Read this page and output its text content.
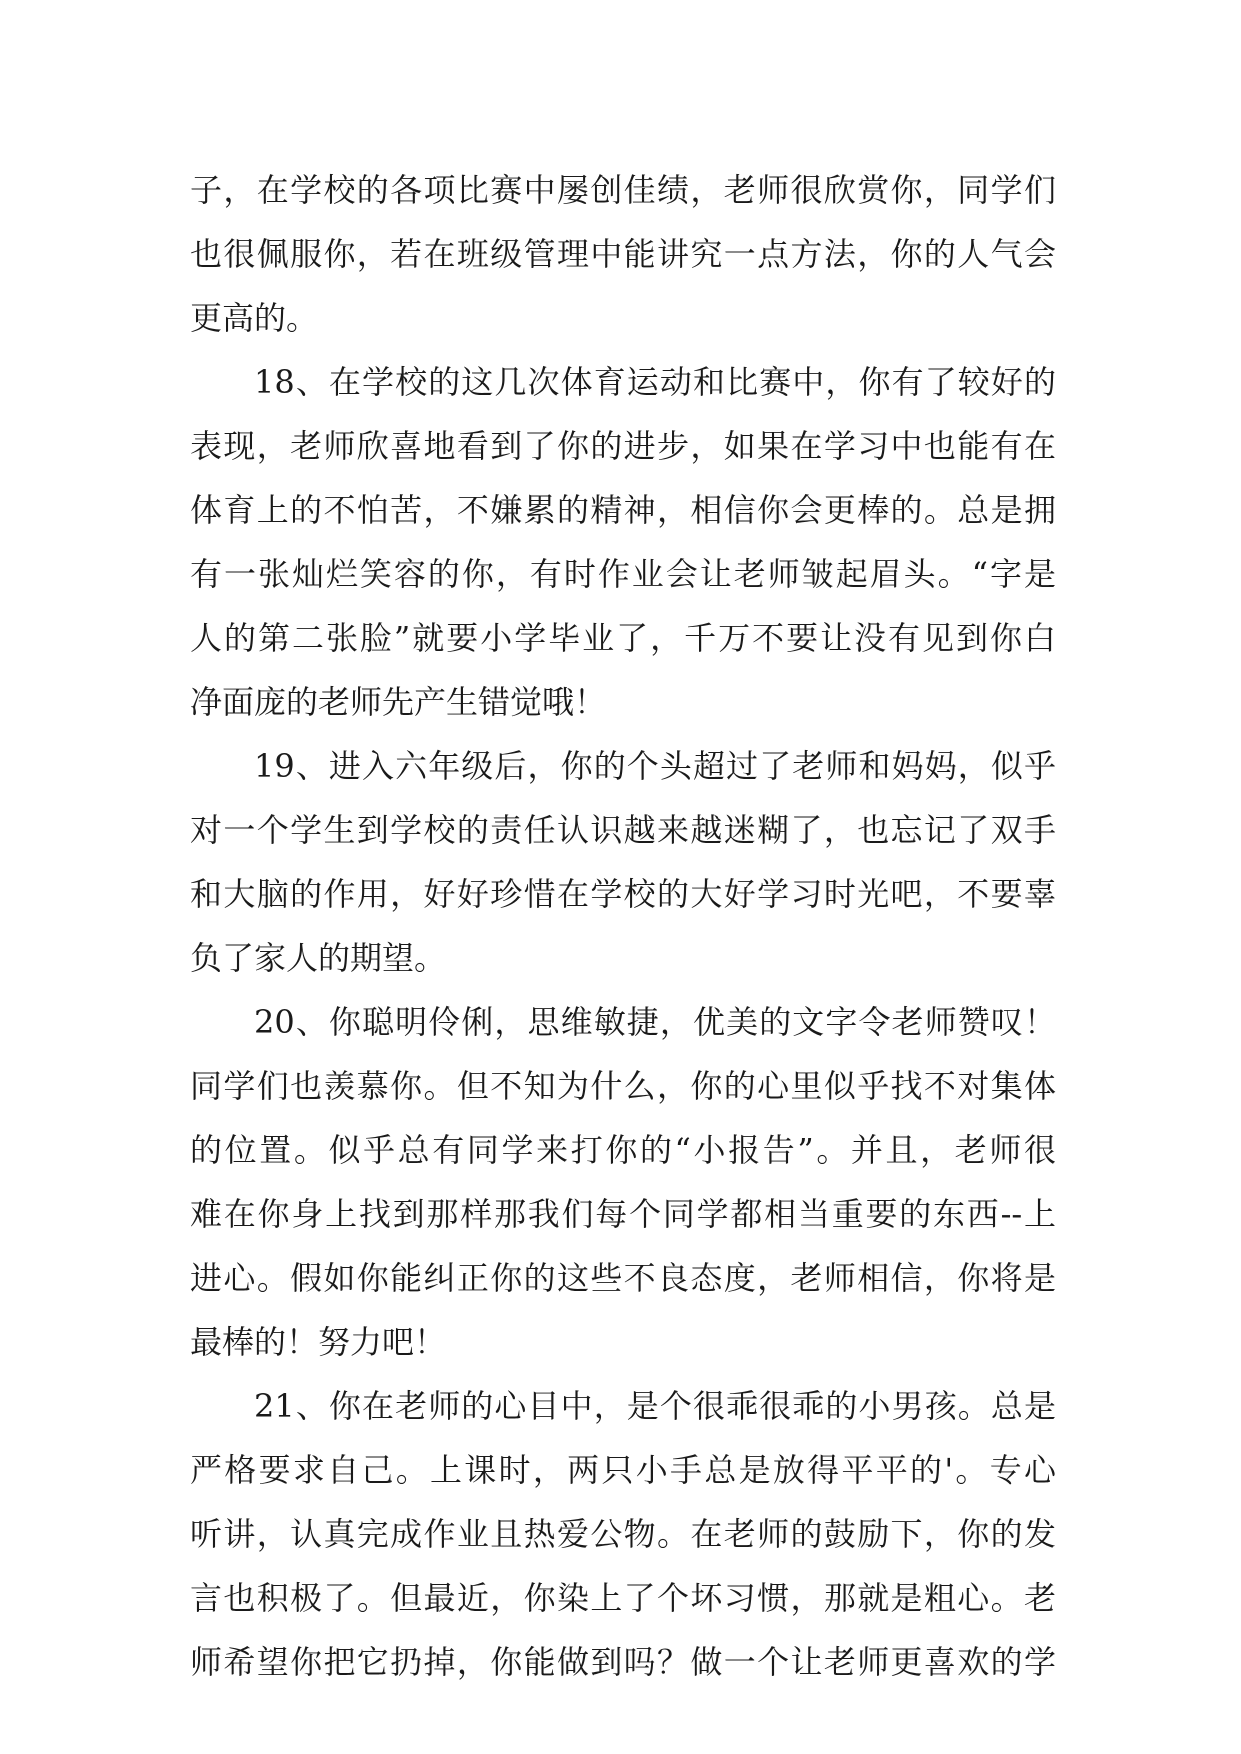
子，在学校的各项比赛中屡创佳绩，老师很欣赏你，同学们
也很佩服你，若在班级管理中能讲究一点方法，你的人气会
更高的。
18、在学校的这几次体育运动和比赛中，你有了较好的
表现，老师欣喜地看到了你的进步，如果在学习中也能有在
体育上的不怕苦，不嫌累的精神，相信你会更棒的。总是拥
有一张灿烂笑容的你，有时作业会让老师皱起眉头。“字是
人的第二张脸”就要小学毕业了，千万不要让没有见到你白
净面庞的老师先产生错觉哦！
19、进入六年级后，你的个头超过了老师和妈妈，似乎
对一个学生到学校的责任认识越来越迷糊了，也忘记了双手
和大脑的作用，好好珍惜在学校的大好学习时光吧，不要辜
负了家人的期望。
20、你聪明伶俐，思维敏捷，优美的文字令老师赞叹！
同学们也羡慕你。但不知为什么，你的心里似乎找不对集体
的位置。似乎总有同学来打你的“小报告”。并且，老师很
难在你身上找到那样那我们每个同学都相当重要的东西--上
进心。假如你能纠正你的这些不良态度，老师相信，你将是
最棒的！努力吧！
21、你在老师的心目中，是个很乖很乖的小男孩。总是
严格要求自己。上课时，两只小手总是放得平平的'。专心
听讲，认真完成作业且热爱公物。在老师的鼓励下，你的发
言也积极了。但最近，你染上了个坏习惯，那就是粗心。老
师希望你把它扔掉，你能做到吗？做一个让老师更喜欢的学
